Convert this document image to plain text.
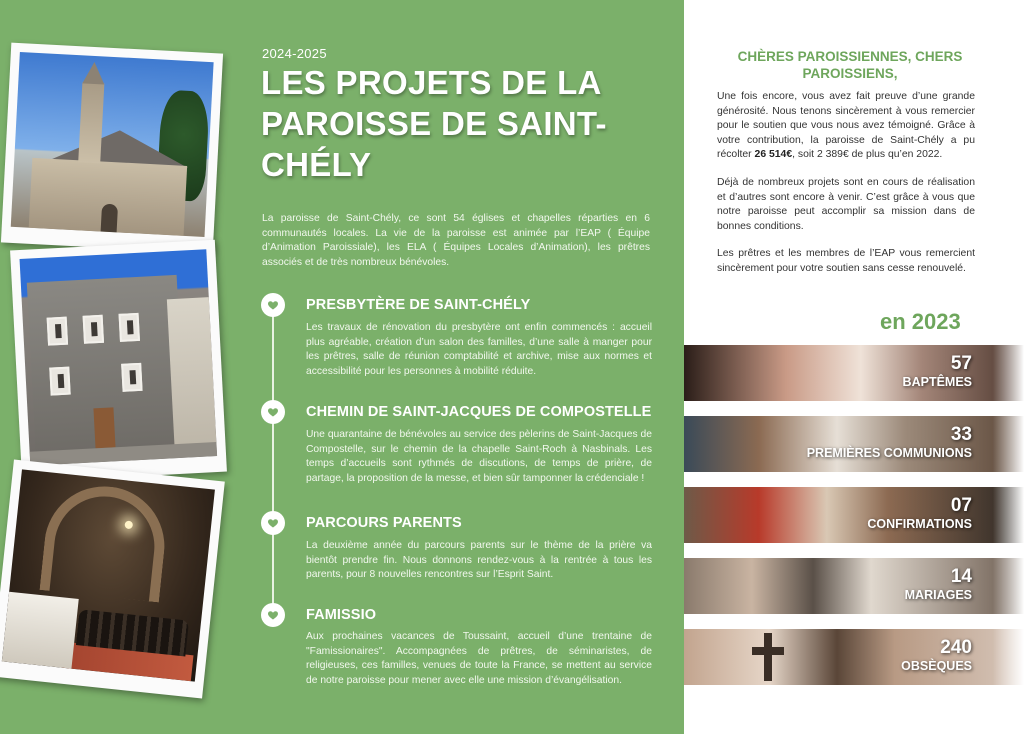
2024-2025
LES PROJETS DE LA PAROISSE DE SAINT-CHÉLY

La paroisse de Saint-Chély, ce sont 54 églises et chapelles réparties en 6 communautés locales. La vie de la paroisse est animée par l’EAP ( Équipe d’Animation Paroissiale), les ELA ( Équipes Locales d’Animation), les prêtres associés et de très nombreux bénévoles.

PRESBYTÈRE DE SAINT-CHÉLY

Les travaux de rénovation du presbytère ont enfin commencés : accueil plus agréable, création d’un salon des familles, d’une salle à manger pour les prêtres, salle de réunion comptabilité et archive, mise aux normes et accessibilité pour les personnes à mobilité réduite.

CHEMIN DE SAINT-JACQUES DE COMPOSTELLE

Une quarantaine de bénévoles au service des pèlerins de Saint-Jacques de Compostelle, sur le chemin de la chapelle Saint-Roch à Nasbinals. Les temps d’accueils sont rythmés de discutions, de temps de prière, de partage, la proposition de la messe, et bien sûr tamponner la crédenciale !

PARCOURS PARENTS

La deuxième année du parcours parents sur le thème de la prière va bientôt prendre fin. Nous donnons rendez-vous à la rentrée à tous les parents, pour 8 nouvelles rencontres sur l’Esprit Saint.

FAMISSIO

Aux prochaines vacances de Toussaint, accueil d’une trentaine de "Famissionaires". Accompagnées de prêtres, de séminaristes, de religieuses, ces familles, venues de toute la France, se mettent au service de notre paroisse pour mener avec elle une mission d’évangélisation.

CHÈRES PAROISSIENNES, CHERS PAROISSIENS,

Une fois encore, vous avez fait preuve d’une grande générosité. Nous tenons sincèrement à vous remercier pour le soutien que vous nous avez témoigné. Grâce à votre contribution, la paroisse de Saint-Chély a pu récolter 26 514€, soit 2 389€ de plus qu’en 2022.

Déjà de nombreux projets sont en cours de réalisation et d’autres sont encore à venir. C’est grâce à vous que notre paroisse peut accomplir sa mission dans de bonnes conditions.

Les prêtres et les membres de l’EAP vous remercient sincèrement pour votre soutien sans cesse renouvelé.

en 2023
57
BAPTÊMES
33
PREMIÈRES COMMUNIONS
07
CONFIRMATIONS
14
MARIAGES
240
OBSÈQUES
